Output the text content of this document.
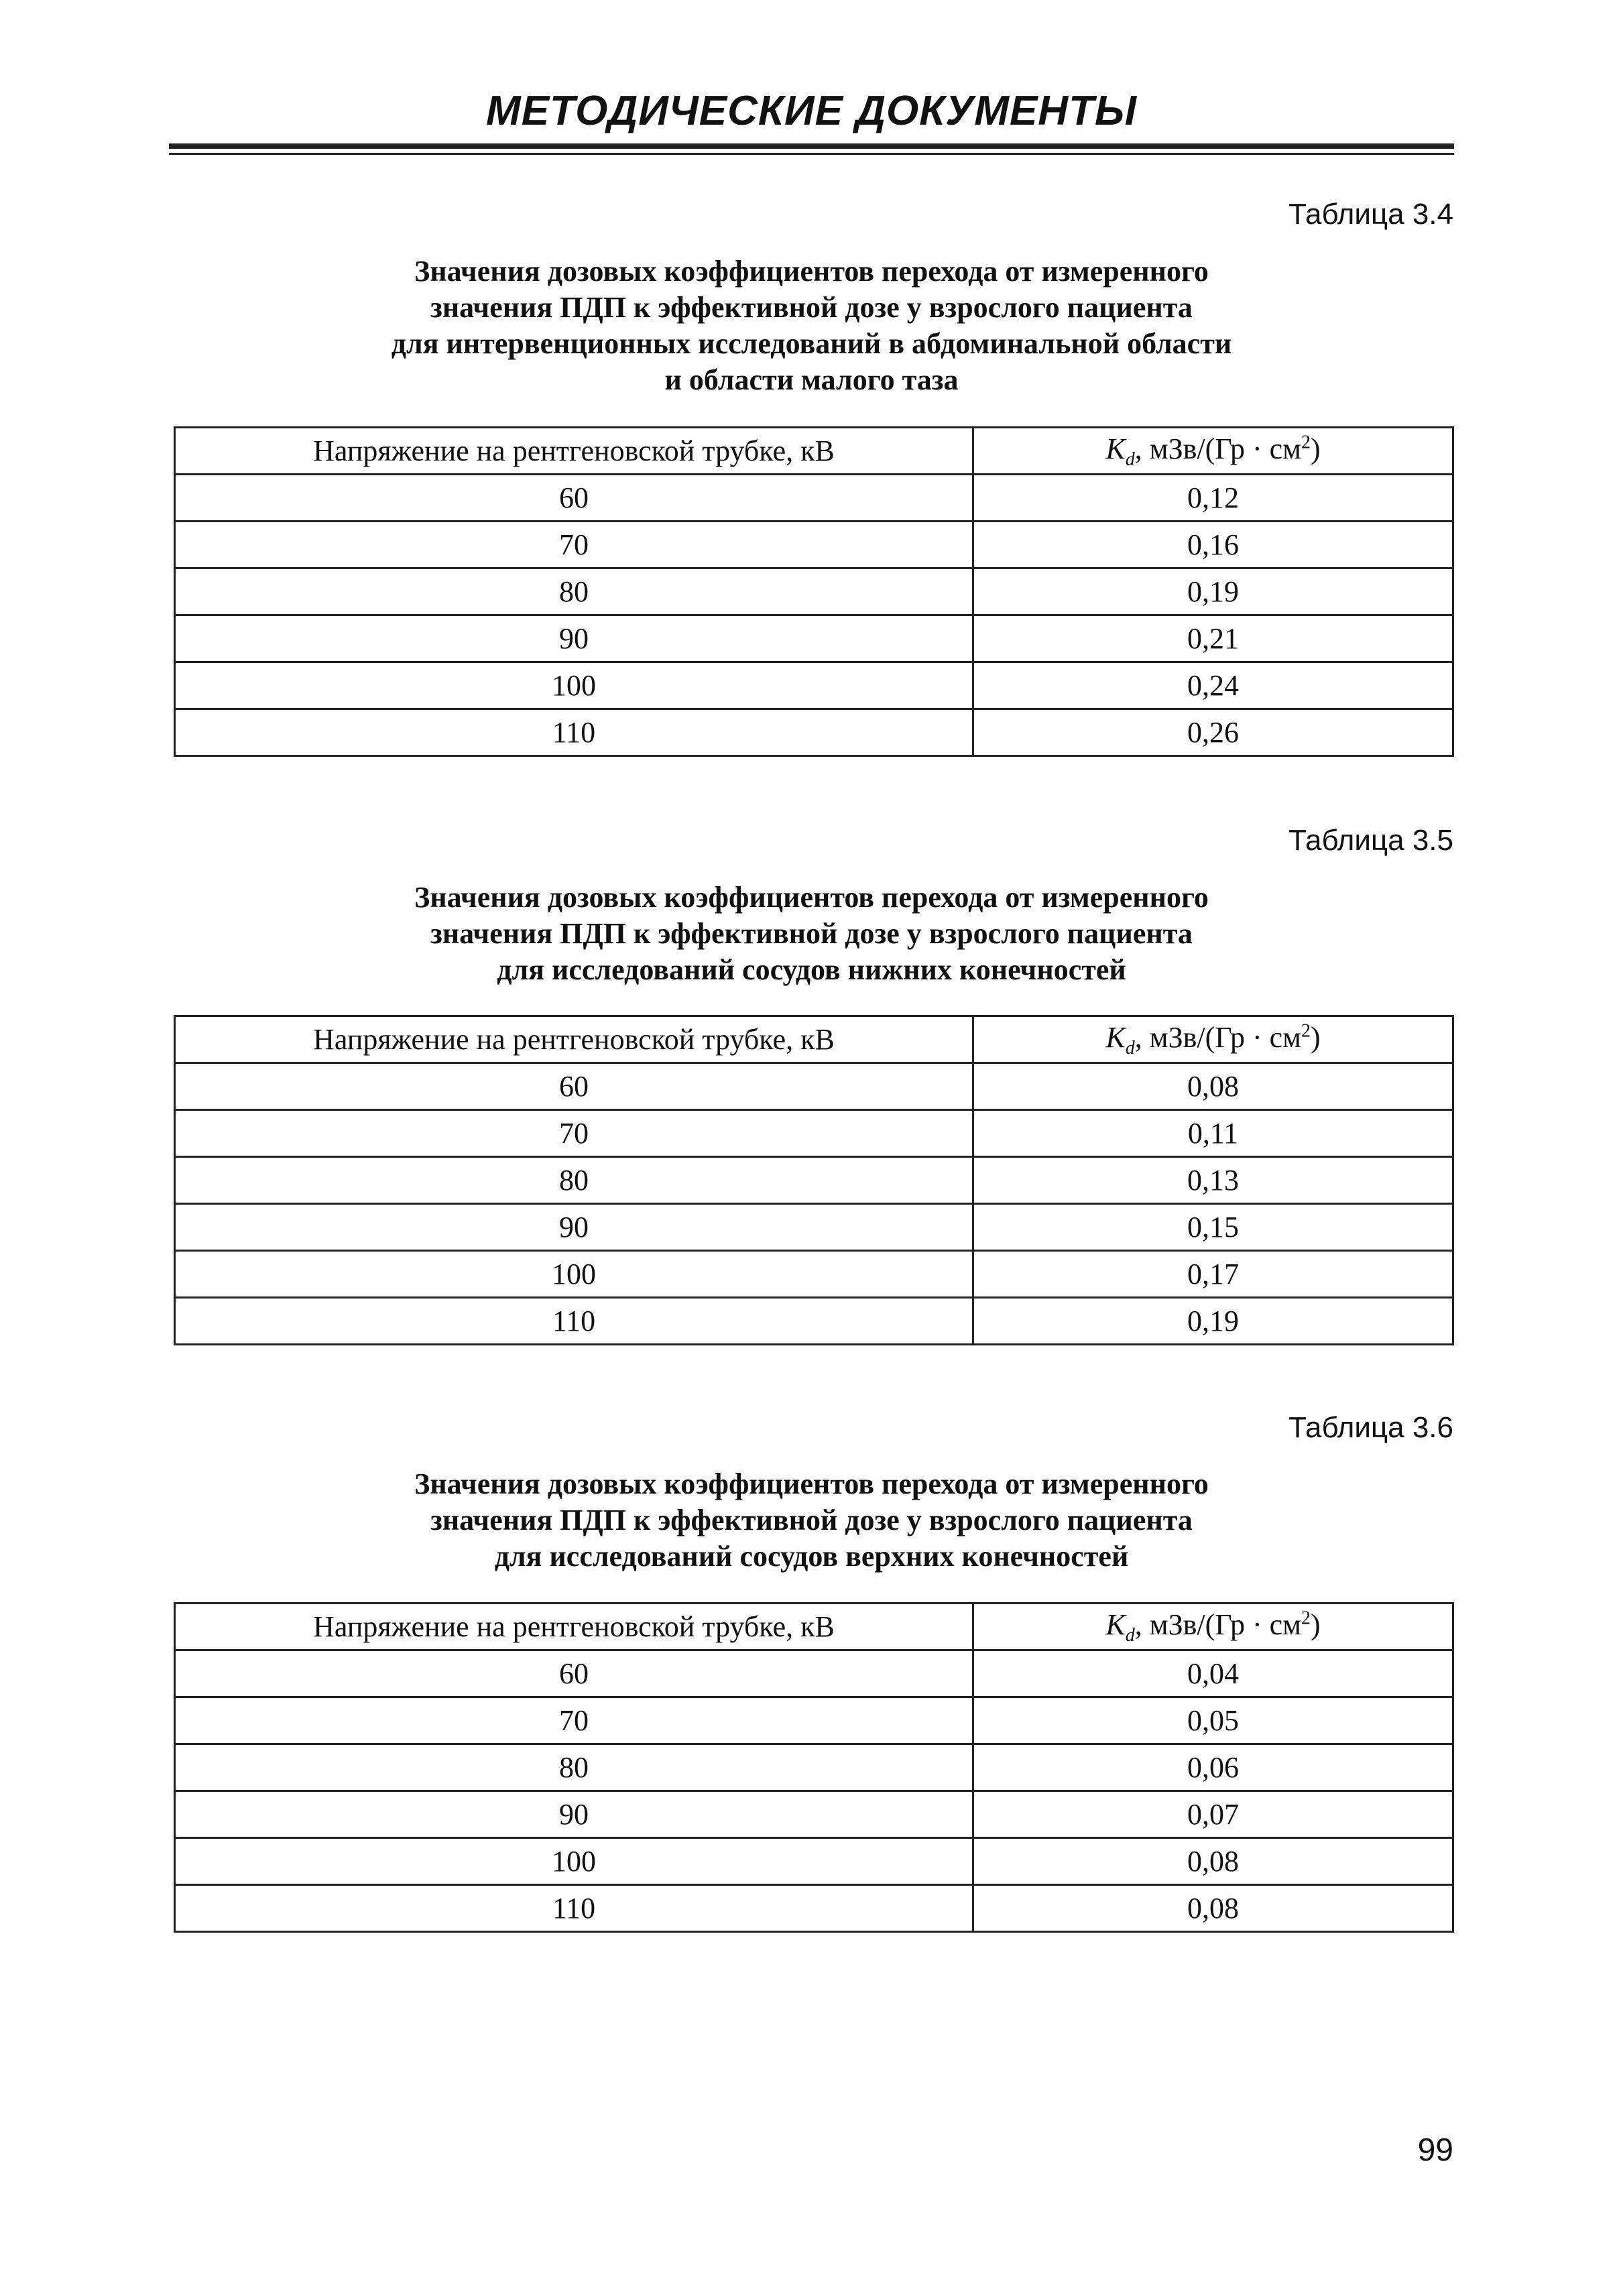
МЕТОДИЧЕСКИЕ ДОКУМЕНТЫ
Таблица 3.4
Значения дозовых коэффициентов перехода от измеренного
значения ПДП к эффективной дозе у взрослого пациента
для интервенционных исследований в абдоминальной области
и области малого таза
Напряжение на рентгеновской трубке, кВ	$K_d$, $мЗв/(Гр \cdot см^2)$
60	0,12
70	0,16
80	0,19
90	0,21
100	0,24
110	0,26
Таблица 3.5
Значения дозовых коэффициентов перехода от измеренного
значения ПДП к эффективной дозе у взрослого пациента
для исследований сосудов нижних конечностей
Напряжение на рентгеновской трубке, кВ	$K_d$, $мЗв/(Гр \cdot см^2)$
60	0,08
70	0,11
80	0,13
90	0,15
100	0,17
110	0,19
Таблица 3.6
Значения дозовых коэффициентов перехода от измеренного
значения ПДП к эффективной дозе у взрослого пациента
для исследований сосудов верхних конечностей
Напряжение на рентгеновской трубке, кВ	$K_d$, $мЗв/(Гр \cdot см^2)$
60	0,04
70	0,05
80	0,06
90	0,07
100	0,08
110	0,08
99
